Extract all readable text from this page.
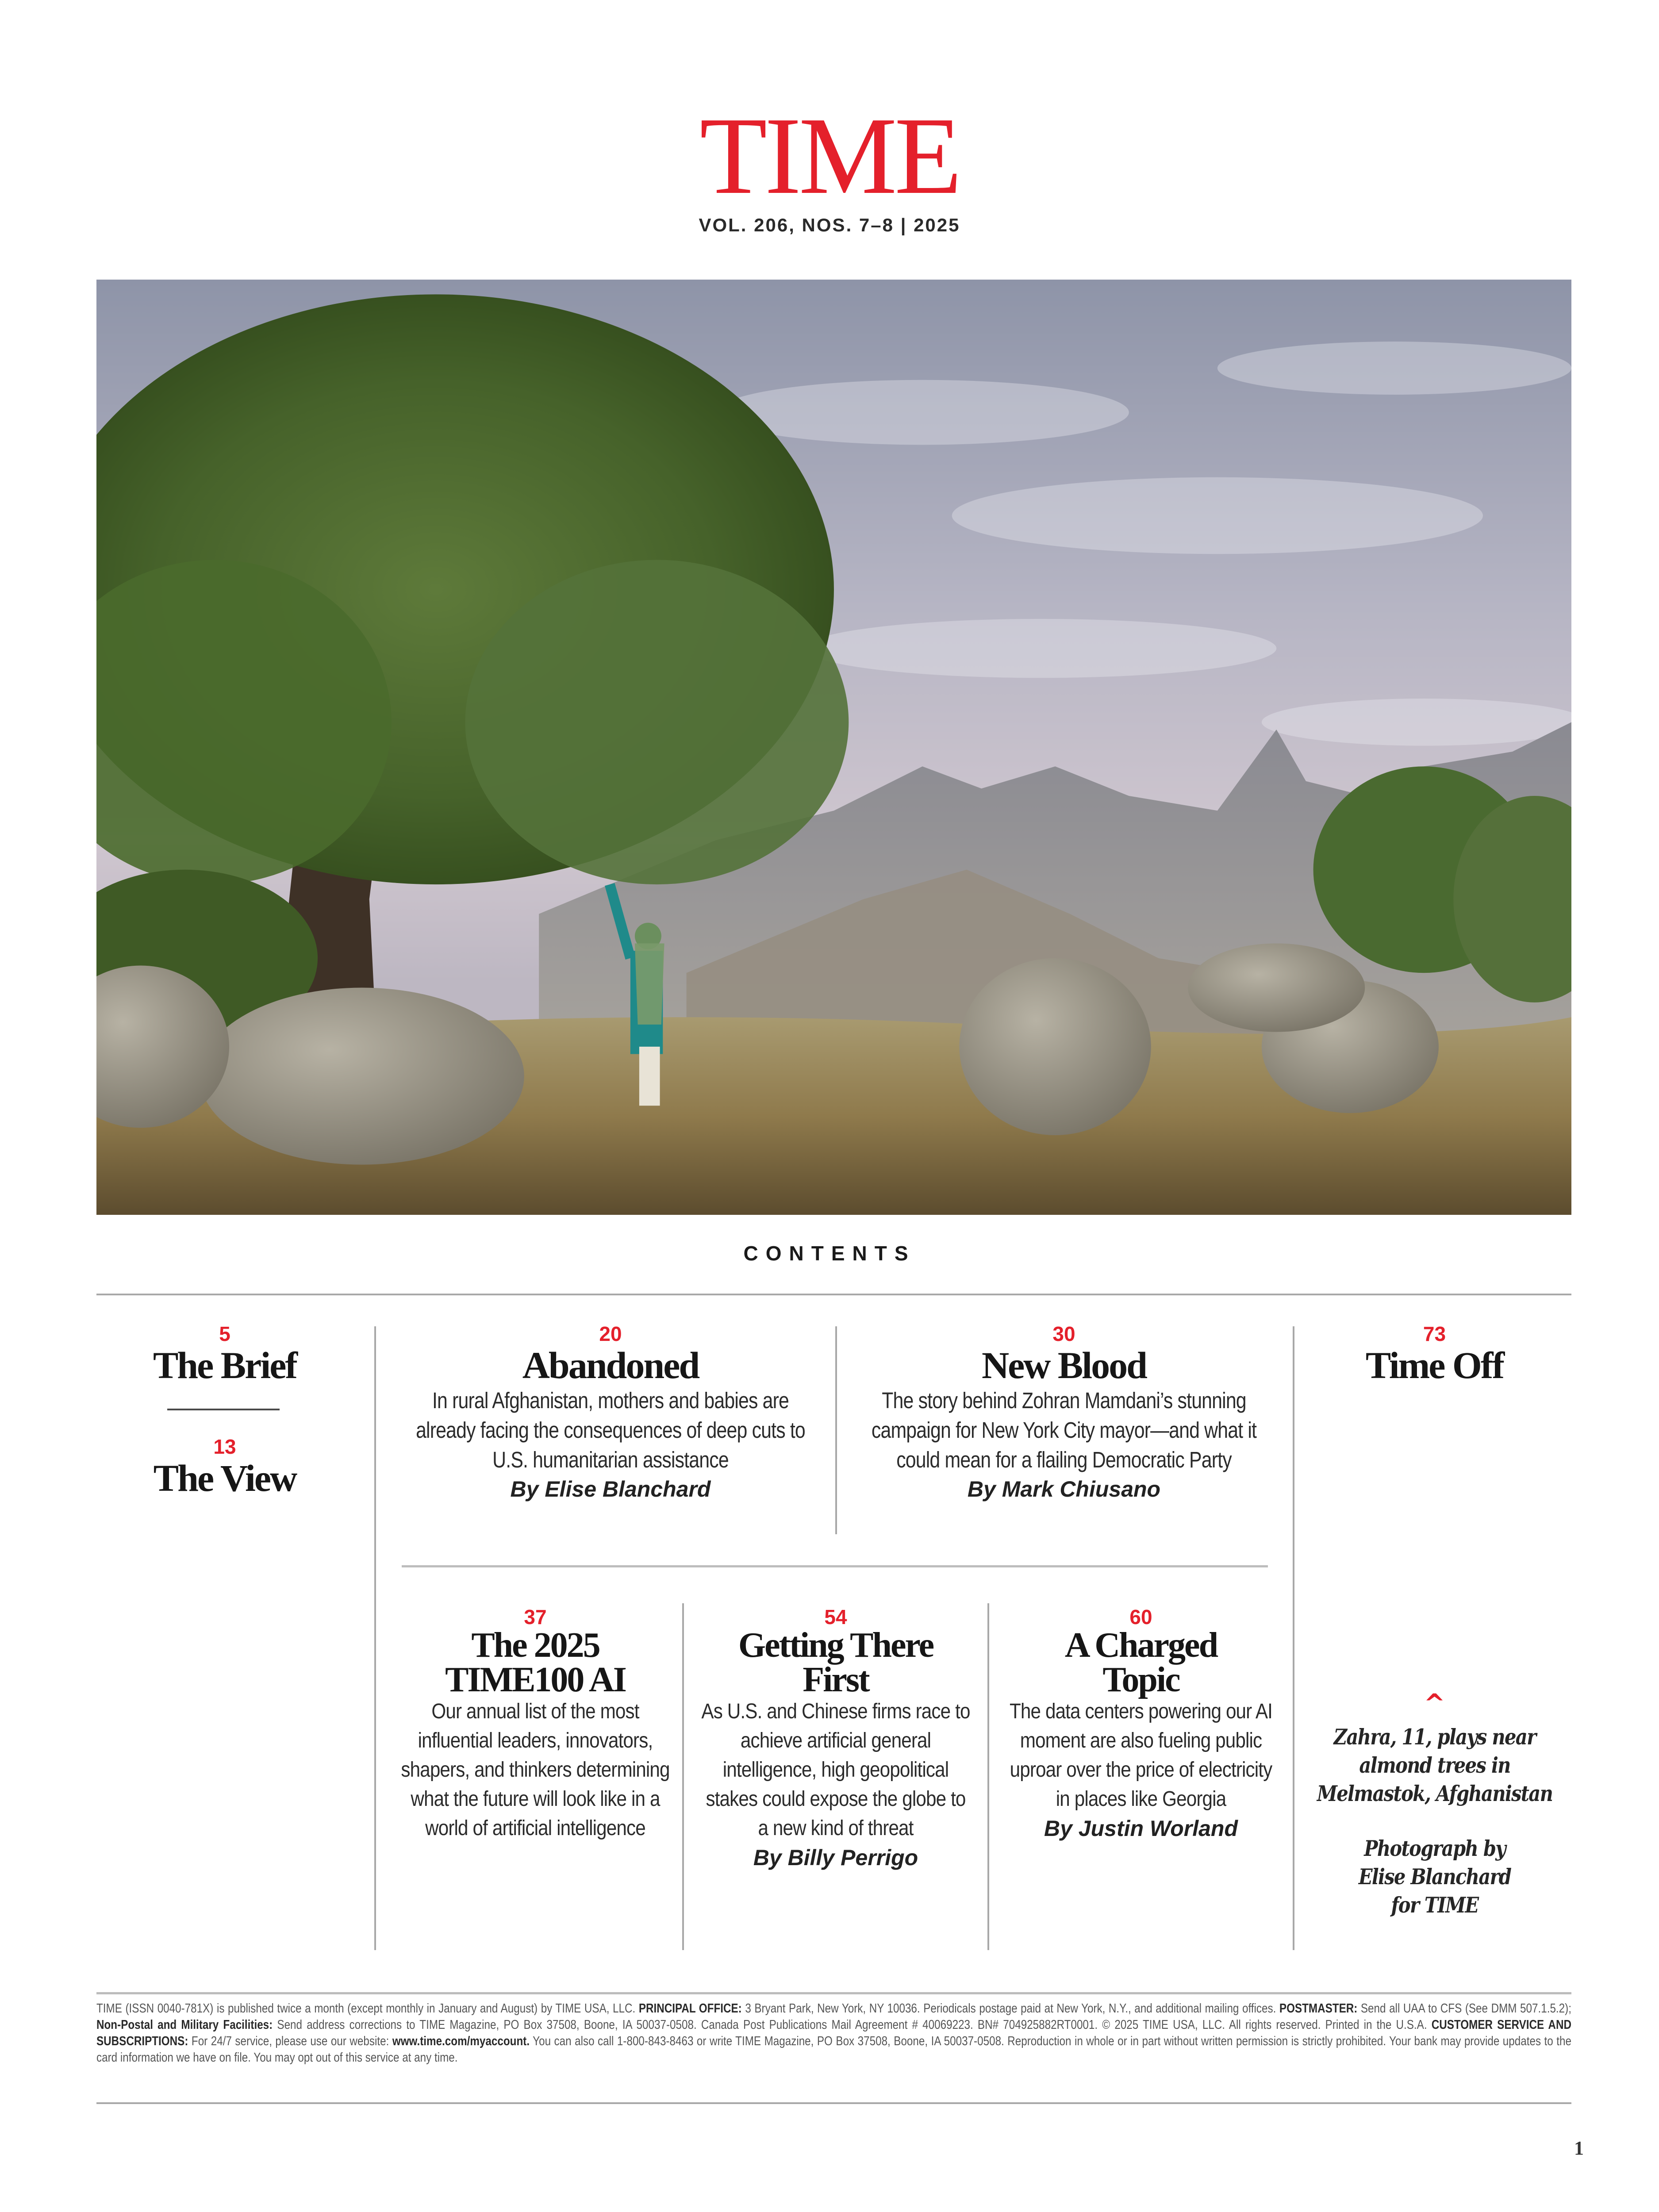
TIME
VOL. 206, NOS. 7–8 | 2025
CONTENTS
5
The Brief
13
The View
20
Abandoned
In rural Afghanistan, mothers and babies are already facing the consequences of deep cuts to U.S. humanitarian assistance
By Elise Blanchard
30
New Blood
The story behind Zohran Mamdani’s stunning campaign for New York City mayor—and what it could mean for a flailing Democratic Party
By Mark Chiusano
37
The 2025
TIME100 AI
Our annual list of the most influential leaders, innovators, shapers, and thinkers determining what the future will look like in a world of artificial intelligence
54
Getting There
First
As U.S. and Chinese firms race to achieve artificial general intelligence, high geopolitical stakes could expose the globe to a new kind of threat
By Billy Perrigo
60
A Charged
Topic
The data centers powering our AI moment are also fueling public uproar over the price of electricity in places like Georgia
By Justin Worland
73
Time Off
^
Zahra, 11, plays near almond trees in Melmastok, Afghanistan
Photograph by
Elise Blanchard
for TIME
TIME (ISSN 0040-781X) is published twice a month (except monthly in January and August) by TIME USA, LLC. PRINCIPAL OFFICE: 3 Bryant Park, New York, NY 10036. Periodicals postage paid at New York, N.Y., and additional mailing offices. POSTMASTER: Send all UAA to CFS (See DMM 507.1.5.2); Non-Postal and Military Facilities: Send address corrections to TIME Magazine, PO Box 37508, Boone, IA 50037-0508. Canada Post Publications Mail Agreement # 40069223. BN# 704925882RT0001. © 2025 TIME USA, LLC. All rights reserved. Printed in the U.S.A. CUSTOMER SERVICE AND SUBSCRIPTIONS: For 24/7 service, please use our website: www.time.com/myaccount. You can also call 1-800-843-8463 or write TIME Magazine, PO Box 37508, Boone, IA 50037-0508. Reproduction in whole or in part without written permission is strictly prohibited. Your bank may provide updates to the card information we have on file. You may opt out of this service at any time.
1
